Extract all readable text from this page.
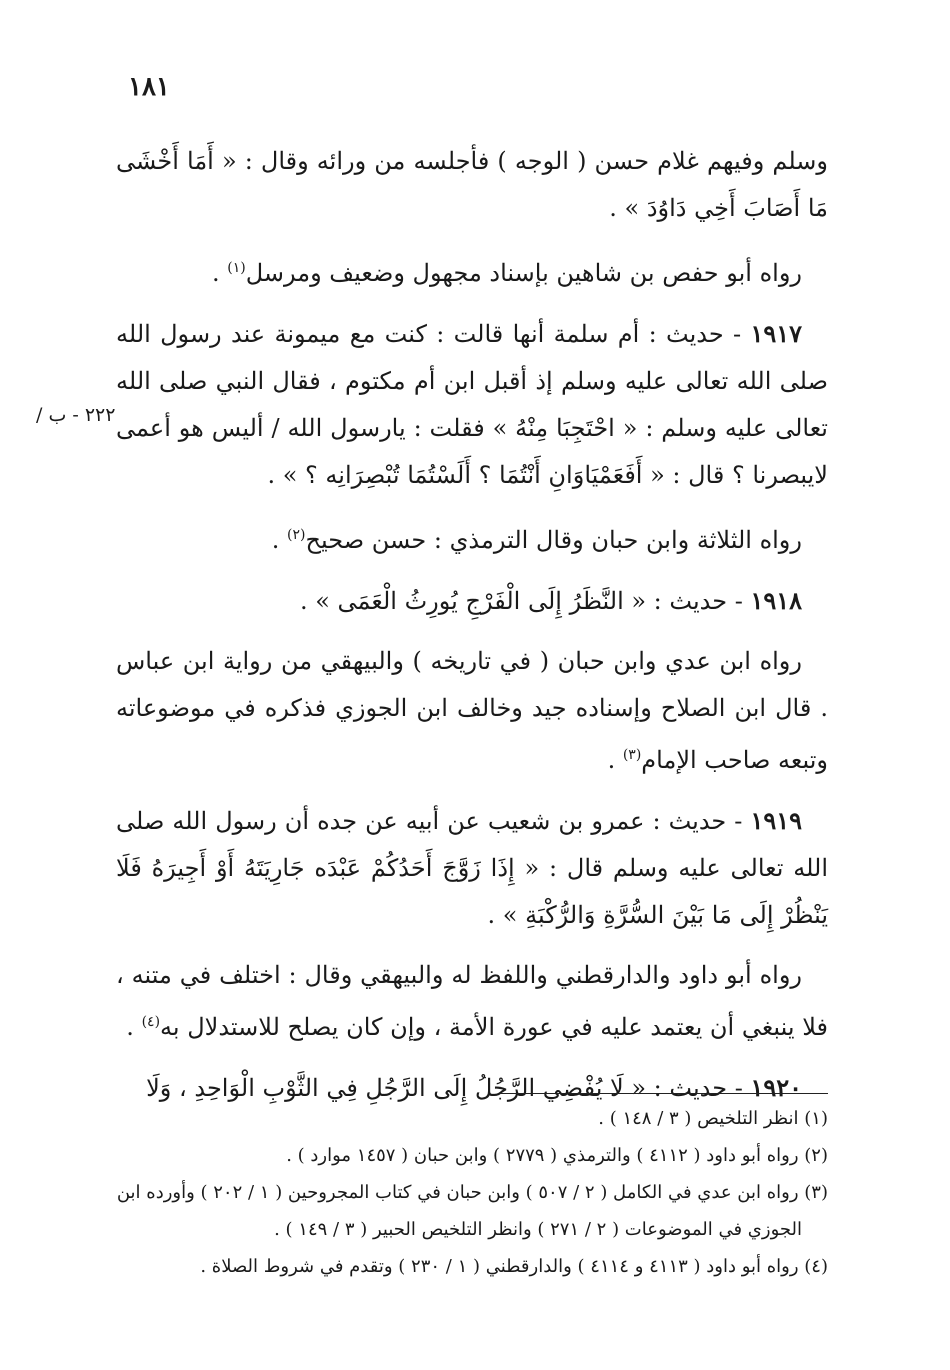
١٨١
٢٢٢ - ب /

وسلم وفيهم غلام حسن ( الوجه ) فأجلسه من ورائه وقال : « أَمَا أَخْشَى مَا أَصَابَ أَخِي دَاوُدَ » .

رواه أبو حفص بن شاهين بإسناد مجهول وضعيف ومرسل$^{(١)}$ .

١٩١٧ - حديث : أم سلمة أنها قالت : كنت مع ميمونة عند رسول الله صلى الله تعالى عليه وسلم إذ أقبل ابن أم مكتوم ، فقال النبي صلى الله تعالى عليه وسلم : « احْتَجِبَا مِنْهُ » فقلت : يارسول الله / أليس هو أعمى لايبصرنا ؟ قال : « أَفَعَمْيَاوَانِ أَنْتُمَا ؟ أَلَسْتُمَا تُبْصِرَانِه ؟ » .

رواه الثلاثة وابن حبان وقال الترمذي : حسن صحيح$^{(٢)}$ .

١٩١٨ - حديث : « النَّظَرُ إِلَى الْفَرْجِ يُورِثُ الْعَمَى » .

رواه ابن عدي وابن حبان ( في تاريخه ) والبيهقي من رواية ابن عباس . قال ابن الصلاح وإسناده جيد وخالف ابن الجوزي فذكره في موضوعاته وتبعه صاحب الإمام$^{(٣)}$ .

١٩١٩ - حديث : عمرو بن شعيب عن أبيه عن جده أن رسول الله صلى الله تعالى عليه وسلم قال : « إِذَا زَوَّجَ أَحَدُكُمْ عَبْدَه جَارِيَتَهُ أَوْ أَجِيرَهُ فَلَا يَنْظُرْ إِلَى مَا بَيْنَ السُّرَّةِ وَالرُّكْبَةِ » .

رواه أبو داود والدارقطني واللفظ له والبيهقي وقال : اختلف في متنه ، فلا ينبغي أن يعتمد عليه في عورة الأمة ، وإن كان يصلح للاستدلال به$^{(٤)}$ .

١٩٢٠ - حديث : « لَا يُفْضِي الرَّجُلُ إِلَى الرَّجُلِ فِي الثَّوْبِ الْوَاحِدِ ، وَلَا

(١) انظر التلخيص ( ٣ / ١٤٨ ) .

(٢) رواه أبو داود ( ٤١١٢ ) والترمذي ( ٢٧٧٩ ) وابن حبان ( ١٤٥٧ موارد ) .

(٣) رواه ابن عدي في الكامل ( ٢ / ٥٠٧ ) وابن حبان في كتاب المجروحين ( ١ / ٢٠٢ ) وأورده ابن

الجوزي في الموضوعات ( ٢ / ٢٧١ ) وانظر التلخيص الحبير ( ٣ / ١٤٩ ) .

(٤) رواه أبو داود ( ٤١١٣ و ٤١١٤ ) والدارقطني ( ١ / ٢٣٠ ) وتقدم في شروط الصلاة .
